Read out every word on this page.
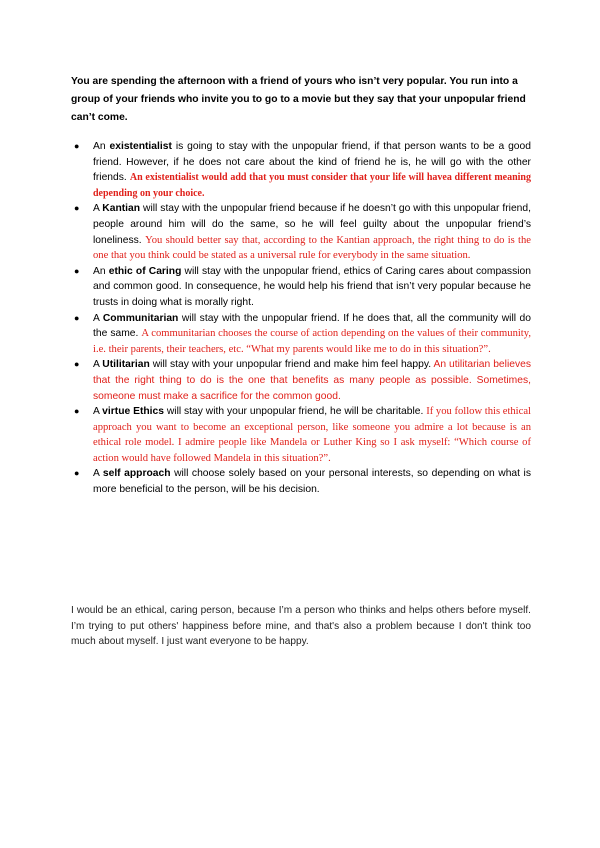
You are spending the afternoon with a friend of yours who isn’t very popular. You run into a group of your friends who invite you to go to a movie but they say that your unpopular friend can’t come.

● An existentialist is going to stay with the unpopular friend, if that person wants to be a good friend. However, if he does not care about the kind of friend he is, he will go with the other friends. An existentialist would add that you must consider that your life will havea different meaning depending on your choice.
● A Kantian will stay with the unpopular friend because if he doesn’t go with this unpopular friend, people around him will do the same, so he will feel guilty about the unpopular friend’s loneliness. You should better say that, according to the Kantian approach, the right thing to do is the one that you think could be stated as a universal rule for everybody in the same situation.
● An ethic of Caring will stay with the unpopular friend, ethics of Caring cares about compassion and common good. In consequence, he would help his friend that isn’t very popular because he trusts in doing what is morally right.
● A Communitarian will stay with the unpopular friend. If he does that, all the community will do the same. A communitarian chooses the course of action depending on the values of their community, i.e. their parents, their teachers, etc. “What my parents would like me to do in this situation?”.
● A Utilitarian will stay with your unpopular friend and make him feel happy. An utilitarian believes that the right thing to do is the one that benefits as many people as possible. Sometimes, someone must make a sacrifice for the common good.
● A virtue Ethics will stay with your unpopular friend, he will be charitable. If you follow this ethical approach you want to become an exceptional person, like someone you admire a lot because is an ethical role model. I admire people like Mandela or Luther King so I ask myself: “Which course of action would have followed Mandela in this situation?”.
● A self approach will choose solely based on your personal interests, so depending on what is more beneficial to the person, will be his decision.

I would be an ethical, caring person, because I’m a person who thinks and helps others before myself. I’m trying to put others' happiness before mine, and that's also a problem because I don't think too much about myself. I just want everyone to be happy.
